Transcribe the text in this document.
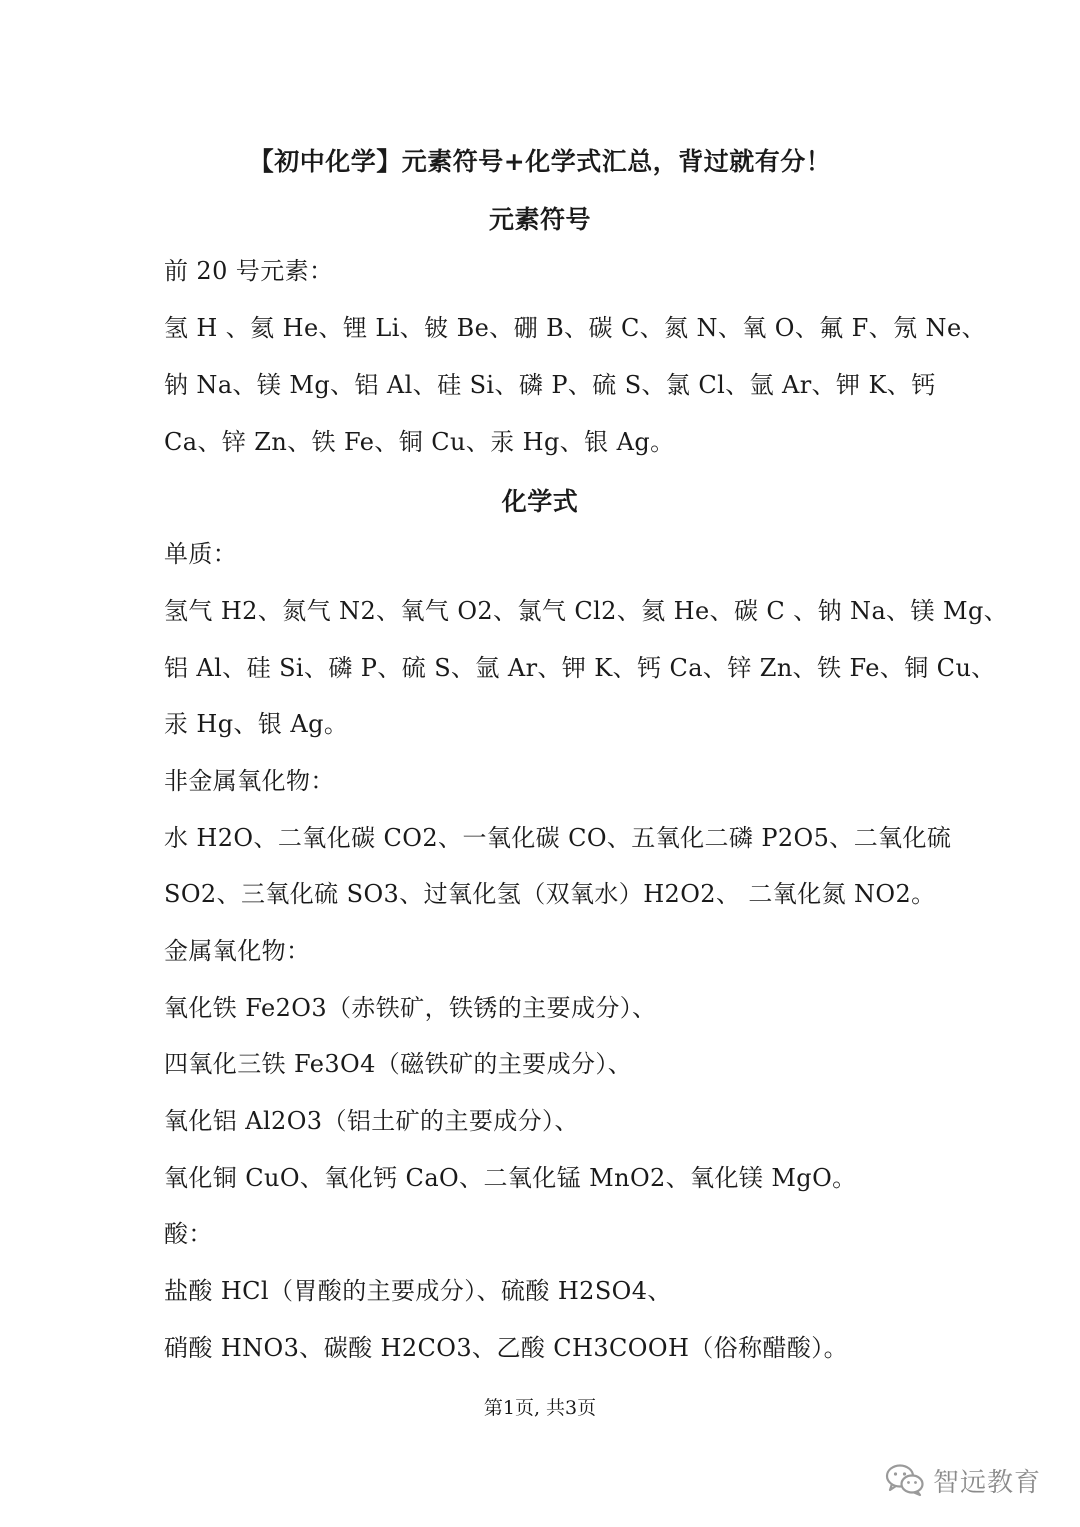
【初中化学】元素符号+化学式汇总，背过就有分！
元素符号
前 20 号元素：
氢 H 、氦 He、锂 Li、铍 Be、硼 B、碳 C、氮 N、氧 O、氟 F、氖 Ne、
钠 Na、镁 Mg、铝 Al、硅 Si、磷 P、硫 S、氯 Cl、氩 Ar、钾 K、钙
Ca、锌 Zn、铁 Fe、铜 Cu、汞 Hg、银 Ag。
化学式
单质：
氢气 H2、氮气 N2、氧气 O2、氯气 Cl2、氦 He、碳 C 、钠 Na、镁 Mg、
铝 Al、硅 Si、磷 P、硫 S、氩 Ar、钾 K、钙 Ca、锌 Zn、铁 Fe、铜 Cu、
汞 Hg、银 Ag。
非金属氧化物：
水 H2O、二氧化碳 CO2、一氧化碳 CO、五氧化二磷 P2O5、二氧化硫
SO2、三氧化硫 SO3、过氧化氢（双氧水）H2O2、 二氧化氮 NO2。
金属氧化物：
氧化铁 Fe2O3（赤铁矿，铁锈的主要成分）、
四氧化三铁 Fe3O4（磁铁矿的主要成分）、
氧化铝 Al2O3（铝土矿的主要成分）、
氧化铜 CuO、氧化钙 CaO、二氧化锰 MnO2、氧化镁 MgO。
酸：
盐酸 HCl（胃酸的主要成分）、硫酸 H2SO4、
硝酸 HNO3、碳酸 H2CO3、乙酸 CH3COOH（俗称醋酸）。
第1页, 共3页
智远教育
